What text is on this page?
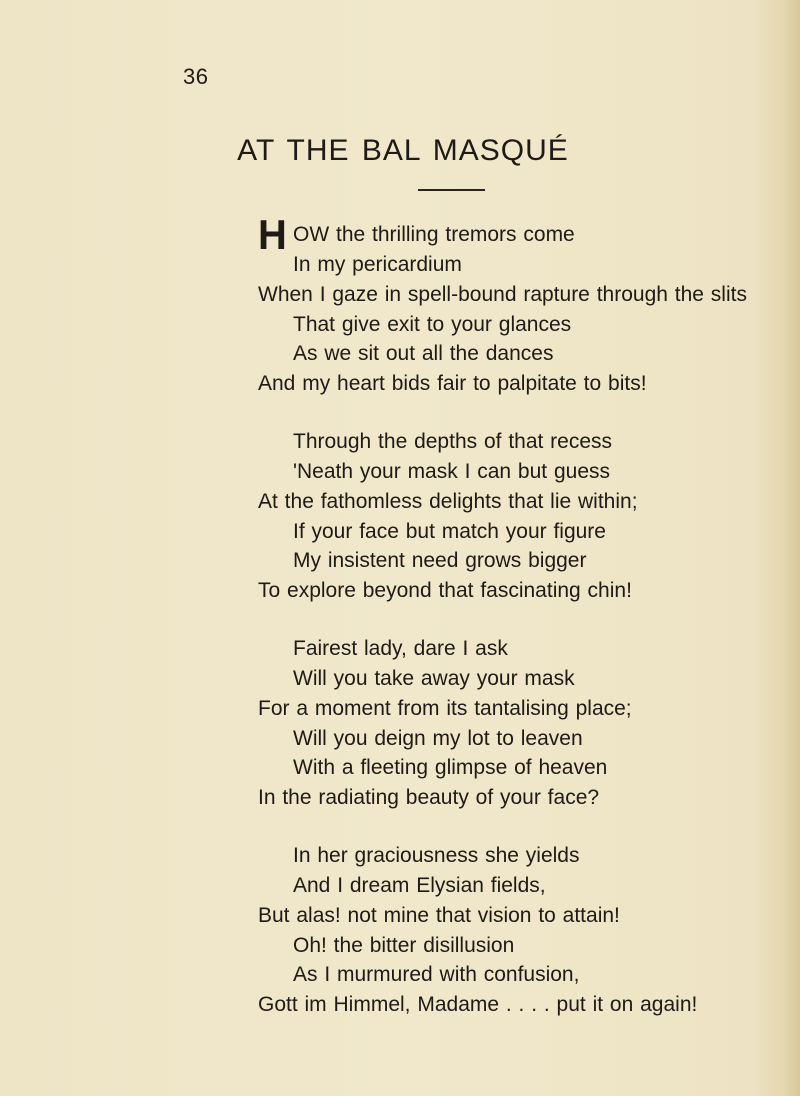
36
AT THE BAL MASQUÉ
H OW the thrilling tremors come
In my pericardium
When I gaze in spell-bound rapture through the slits
That give exit to your glances
As we sit out all the dances
And my heart bids fair to palpitate to bits!
Through the depths of that recess
'Neath your mask I can but guess
At the fathomless delights that lie within;
If your face but match your figure
My insistent need grows bigger
To explore beyond that fascinating chin!
Fairest lady, dare I ask
Will you take away your mask
For a moment from its tantalising place;
Will you deign my lot to leaven
With a fleeting glimpse of heaven
In the radiating beauty of your face?
In her graciousness she yields
And I dream Elysian fields,
But alas! not mine that vision to attain!
Oh! the bitter disillusion
As I murmured with confusion,
Gott im Himmel, Madame . . . . put it on again!
